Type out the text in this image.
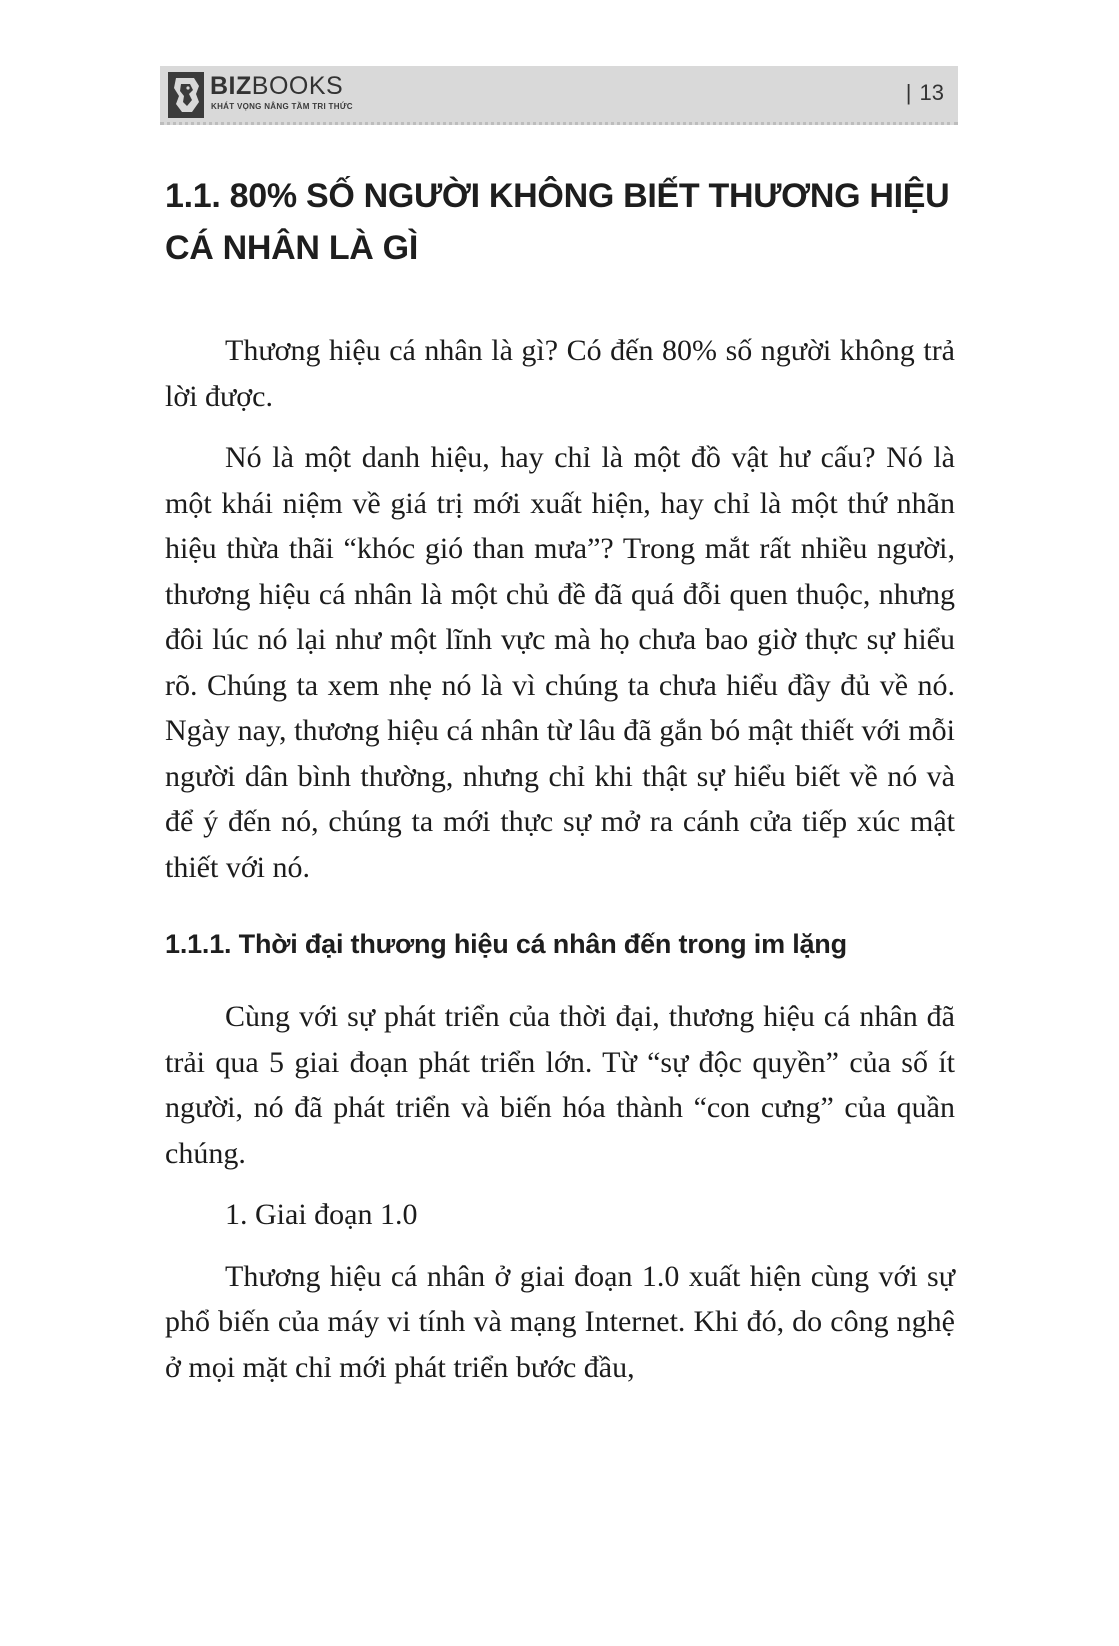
BIZBOOKS
KHÁT VỌNG NÂNG TẦM TRI THỨC
| 13
1.1. 80% SỐ NGƯỜI KHÔNG BIẾT THƯƠNG HIỆU CÁ NHÂN LÀ GÌ

Thương hiệu cá nhân là gì? Có đến 80% số người không trả lời được.

Nó là một danh hiệu, hay chỉ là một đồ vật hư cấu? Nó là một khái niệm về giá trị mới xuất hiện, hay chỉ là một thứ nhãn hiệu thừa thãi “khóc gió than mưa”? Trong mắt rất nhiều người, thương hiệu cá nhân là một chủ đề đã quá đỗi quen thuộc, nhưng đôi lúc nó lại như một lĩnh vực mà họ chưa bao giờ thực sự hiểu rõ. Chúng ta xem nhẹ nó là vì chúng ta chưa hiểu đầy đủ về nó. Ngày nay, thương hiệu cá nhân từ lâu đã gắn bó mật thiết với mỗi người dân bình thường, nhưng chỉ khi thật sự hiểu biết về nó và để ý đến nó, chúng ta mới thực sự mở ra cánh cửa tiếp xúc mật thiết với nó.

1.1.1. Thời đại thương hiệu cá nhân đến trong im lặng

Cùng với sự phát triển của thời đại, thương hiệu cá nhân đã trải qua 5 giai đoạn phát triển lớn. Từ “sự độc quyền” của số ít người, nó đã phát triển và biến hóa thành “con cưng” của quần chúng.

1. Giai đoạn 1.0

Thương hiệu cá nhân ở giai đoạn 1.0 xuất hiện cùng với sự phổ biến của máy vi tính và mạng Internet. Khi đó, do công nghệ ở mọi mặt chỉ mới phát triển bước đầu,
